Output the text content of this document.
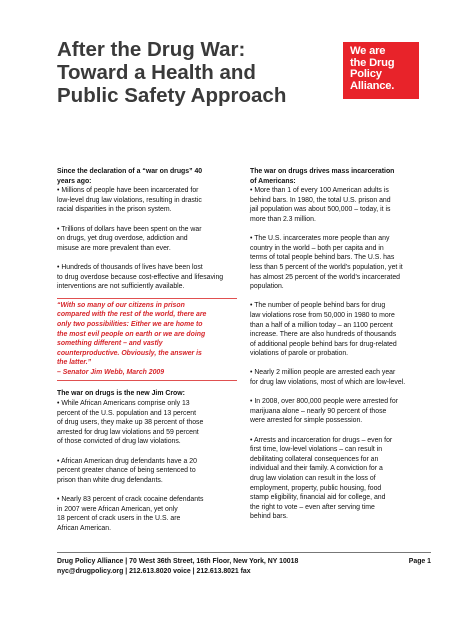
After the Drug War:
Toward a Health and
Public Safety Approach
We are
the Drug
Policy
Alliance.

Since the declaration of a “war on drugs” 40
years ago:

• Millions of people have been incarcerated for
low-level drug law violations, resulting in drastic
racial disparities in the prison system.

• Trillions of dollars have been spent on the war
on drugs, yet drug overdose, addiction and
misuse are more prevalent than ever.

• Hundreds of thousands of lives have been lost
to drug overdose because cost-effective and lifesaving
interventions are not sufficiently available.

“With so many of our citizens in prison
compared with the rest of the world, there are
only two possibilities: Either we are home to
the most evil people on earth or we are doing
something different – and vastly
counterproductive. Obviously, the answer is
the latter.”
– Senator Jim Webb, March 2009

The war on drugs is the new Jim Crow:

• While African Americans comprise only 13
percent of the U.S. population and 13 percent
of drug users, they make up 38 percent of those
arrested for drug law violations and 59 percent
of those convicted of drug law violations.

• African American drug defendants have a 20
percent greater chance of being sentenced to
prison than white drug defendants.

• Nearly 83 percent of crack cocaine defendants
in 2007 were African American, yet only
18 percent of crack users in the U.S. are
African American.

The war on drugs drives mass incarceration
of Americans:

• More than 1 of every 100 American adults is
behind bars. In 1980, the total U.S. prison and
jail population was about 500,000 – today, it is
more than 2.3 million.

• The U.S. incarcerates more people than any
country in the world – both per capita and in
terms of total people behind bars. The U.S. has
less than 5 percent of the world’s population, yet it
has almost 25 percent of the world’s incarcerated
population.

• The number of people behind bars for drug
law violations rose from 50,000 in 1980 to more
than a half of a million today – an 1100 percent
increase. There are also hundreds of thousands
of additional people behind bars for drug-related
violations of parole or probation.

• Nearly 2 million people are arrested each year
for drug law violations, most of which are low-level.

• In 2008, over 800,000 people were arrested for
marijuana alone – nearly 90 percent of those
were arrested for simple possession.

• Arrests and incarceration for drugs – even for
first time, low-level violations – can result in
debilitating collateral consequences for an
individual and their family. A conviction for a
drug law violation can result in the loss of
employment, property, public housing, food
stamp eligibility, financial aid for college, and
the right to vote – even after serving time
behind bars.

Drug Policy Alliance | 70 West 36th Street, 16th Floor, New York, NY 10018
nyc@drugpolicy.org | 212.613.8020 voice | 212.613.8021 fax
Page 1
